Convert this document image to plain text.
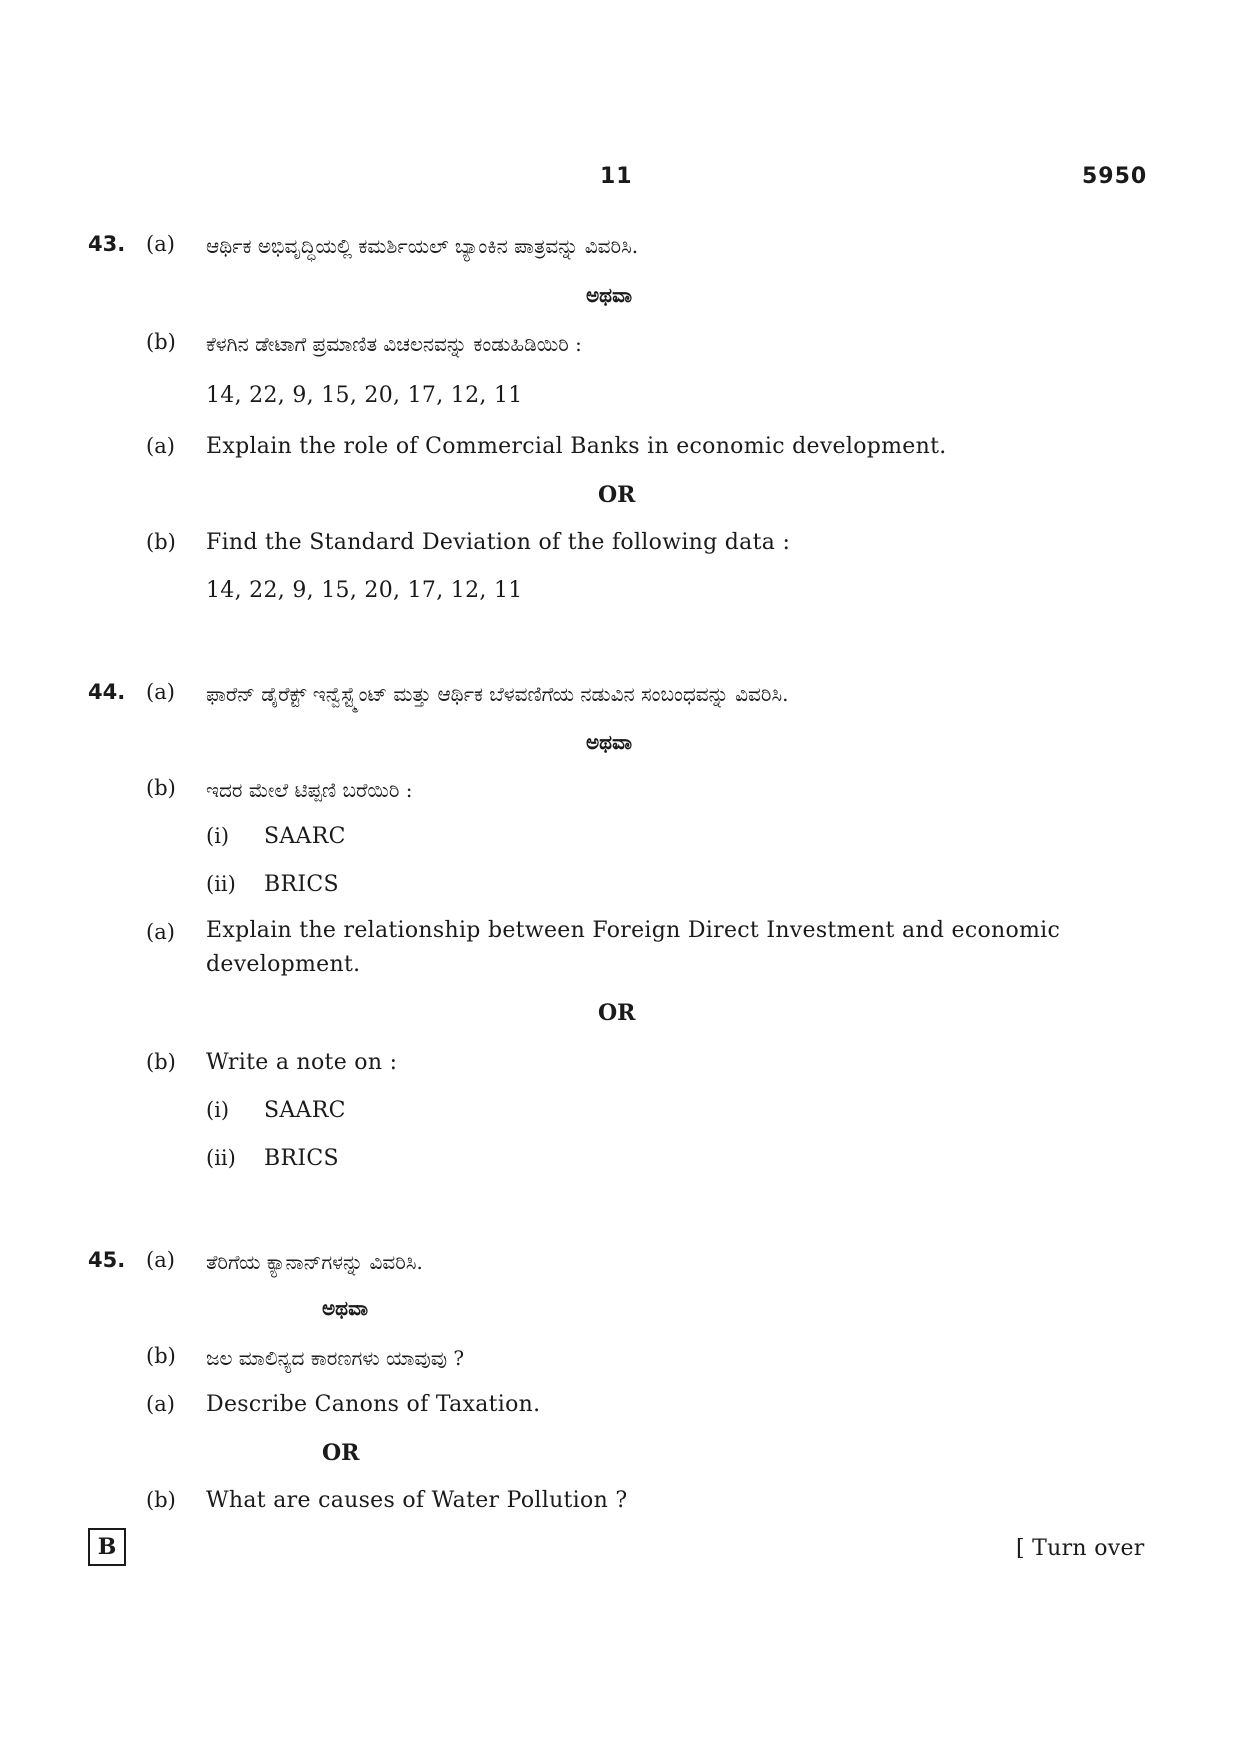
11	5950
43. (a) ಆರ್ಥಿಕ ಅಭಿವೃದ್ಧಿಯಲ್ಲಿ ಕಮರ್ಶಿಯಲ್ ಬ್ಯಾಂಕಿನ ಪಾತ್ರವನ್ನು ವಿವರಿಸಿ.
ಅಥವಾ
(b) ಕೆಳಗಿನ ಡೇಟಾಗೆ ಪ್ರಮಾಣಿತ ವಿಚಲನವನ್ನು ಕಂಡುಹಿಡಿಯಿರಿ :
14, 22, 9, 15, 20, 17, 12, 11
(a) Explain the role of Commercial Banks in economic development.
OR
(b) Find the Standard Deviation of the following data :
14, 22, 9, 15, 20, 17, 12, 11
44. (a) ಫಾರೆನ್ ಡೈರೆಕ್ಟ್ ಇನ್ವೆಸ್ಟ್ಮೆಂಟ್ ಮತ್ತು ಆರ್ಥಿಕ ಬೆಳವಣಿಗೆಯ ನಡುವಿನ ಸಂಬಂಧವನ್ನು ವಿವರಿಸಿ.
ಅಥವಾ
(b) ಇದರ ಮೇಲೆ ಟಿಪ್ಪಣಿ ಬರೆಯಿರಿ :
(i) SAARC
(ii) BRICS
(a) Explain the relationship between Foreign Direct Investment and economic development.
OR
(b) Write a note on :
(i) SAARC
(ii) BRICS
45. (a) ತೆರಿಗೆಯ ಕ್ಯಾನಾನ್‌ಗಳನ್ನು ವಿವರಿಸಿ.
ಅಥವಾ
(b) ಜಲ ಮಾಲಿನ್ಯದ ಕಾರಣಗಳು ಯಾವುವು ?
(a) Describe Canons of Taxation.
OR
(b) What are causes of Water Pollution ?
B	[ Turn over
